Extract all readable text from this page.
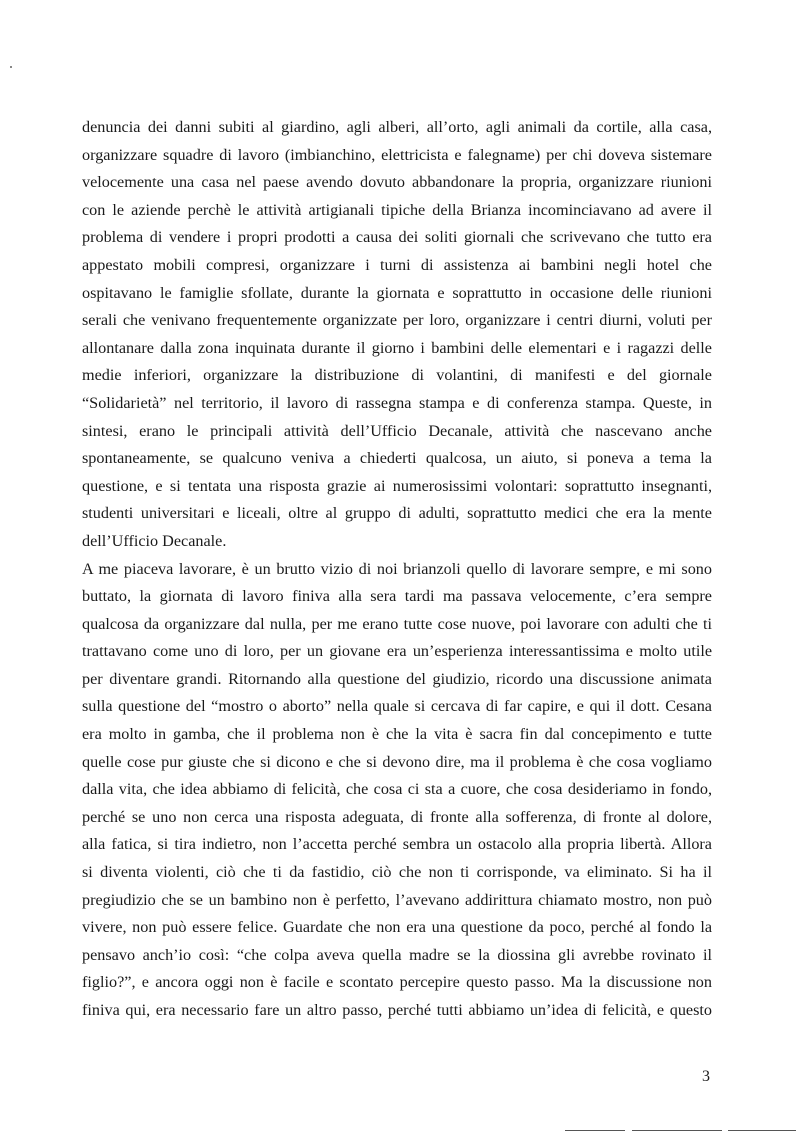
denuncia dei danni subiti al giardino, agli alberi, all’orto, agli animali da cortile, alla casa,
organizzare squadre di lavoro (imbianchino, elettricista e falegname) per chi doveva sistemare
velocemente una casa nel paese avendo dovuto abbandonare la propria, organizzare riunioni
con le aziende perchè le attività artigianali tipiche della Brianza incominciavano ad avere il
problema di vendere i propri prodotti a causa dei soliti giornali che scrivevano che tutto era
appestato mobili compresi, organizzare i turni di assistenza ai bambini negli hotel che
ospitavano le famiglie sfollate, durante la giornata e soprattutto in occasione delle riunioni
serali che venivano frequentemente organizzate per loro, organizzare i centri diurni, voluti per
allontanare dalla zona inquinata durante il giorno i bambini delle elementari e i ragazzi delle
medie inferiori, organizzare la distribuzione di volantini, di manifesti e del giornale
“Solidarietà” nel territorio, il lavoro di rassegna stampa e di conferenza stampa. Queste, in
sintesi, erano le principali attività dell’Ufficio Decanale, attività che nascevano anche
spontaneamente, se qualcuno veniva a chiederti qualcosa, un aiuto, si poneva a tema la
questione, e si tentata una risposta grazie ai numerosissimi volontari: soprattutto insegnanti,
studenti universitari e liceali, oltre al gruppo di adulti, soprattutto medici che era la mente
dell’Ufficio Decanale.
A me piaceva lavorare, è un brutto vizio di noi brianzoli quello di lavorare sempre, e mi sono
buttato, la giornata di lavoro finiva alla sera tardi ma passava velocemente, c’era sempre
qualcosa da organizzare dal nulla, per me erano tutte cose nuove, poi lavorare con adulti che ti
trattavano come uno di loro, per un giovane era un’esperienza interessantissima e molto utile
per diventare grandi. Ritornando alla questione del giudizio, ricordo una discussione animata
sulla questione del “mostro o aborto” nella quale si cercava di far capire, e qui il dott. Cesana
era molto in gamba, che il problema non è che la vita è sacra fin dal concepimento e tutte
quelle cose pur giuste che si dicono e che si devono dire, ma il problema è che cosa vogliamo
dalla vita, che idea abbiamo di felicità, che cosa ci sta a cuore, che cosa desideriamo in fondo,
perché se uno non cerca una risposta adeguata, di fronte alla sofferenza, di fronte al dolore,
alla fatica, si tira indietro, non l’accetta perché sembra un ostacolo alla propria libertà. Allora
si diventa violenti, ciò che ti da fastidio, ciò che non ti corrisponde, va eliminato. Si ha il
pregiudizio che se un bambino non è perfetto, l’avevano addirittura chiamato mostro, non può
vivere, non può essere felice. Guardate che non era una questione da poco, perché al fondo la
pensavo anch’io così: “che colpa aveva quella madre se la diossina gli avrebbe rovinato il
figlio?”, e ancora oggi non è facile e scontato percepire questo passo. Ma la discussione non
finiva qui, era necessario fare un altro passo, perché tutti abbiamo un’idea di felicità, e questo
3
